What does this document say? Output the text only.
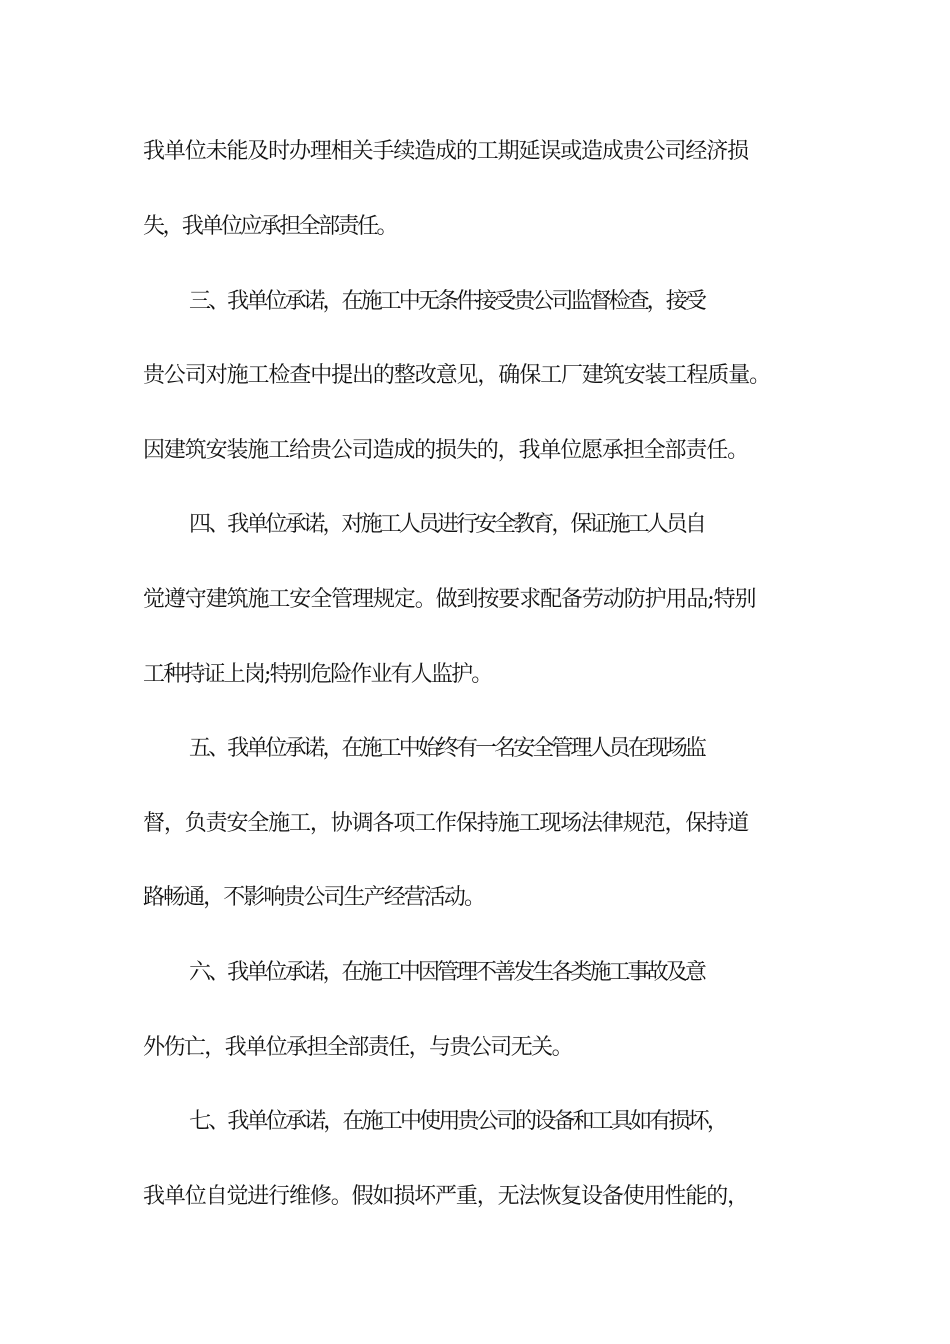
我单位未能及时办理相关手续造成的工期延误或造成贵公司经济损
失，我单位应承担全部责任。
三、我单位承诺，在施工中无条件接受贵公司监督检查，接受
贵公司对施工检查中提出的整改意见，确保工厂建筑安装工程质量。
因建筑安装施工给贵公司造成的损失的，我单位愿承担全部责任。
四、我单位承诺，对施工人员进行安全教育，保证施工人员自
觉遵守建筑施工安全管理规定。做到按要求配备劳动防护用品;特别
工种持证上岗;特别危险作业有人监护。
五、我单位承诺，在施工中始终有一名安全管理人员在现场监
督，负责安全施工，协调各项工作保持施工现场法律规范，保持道
路畅通，不影响贵公司生产经营活动。
六、我单位承诺，在施工中因管理不善发生各类施工事故及意
外伤亡，我单位承担全部责任，与贵公司无关。
七、我单位承诺，在施工中使用贵公司的设备和工具如有损坏，
我单位自觉进行维修。假如损坏严重，无法恢复设备使用性能的，
